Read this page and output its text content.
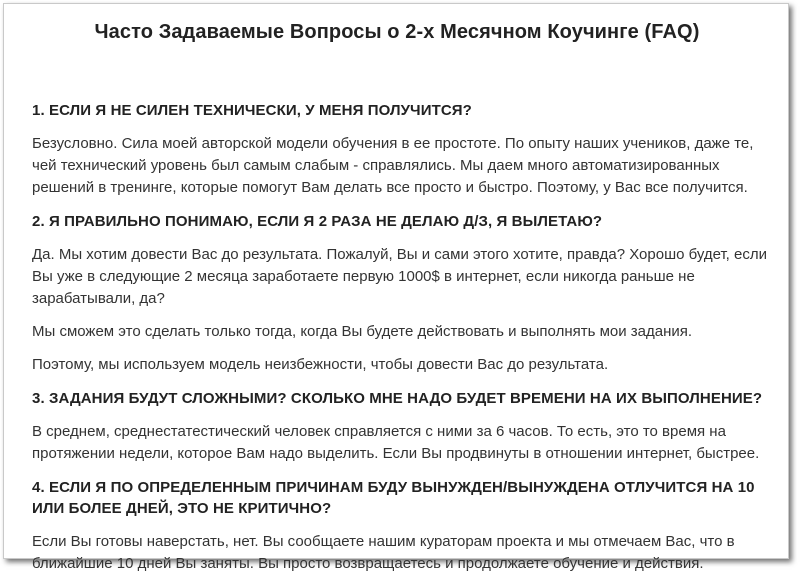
Часто Задаваемые Вопросы о 2-х Месячном Коучинге (FAQ)

1. ЕСЛИ Я НЕ СИЛЕН ТЕХНИЧЕСКИ, У МЕНЯ ПОЛУЧИТСЯ?

Безусловно. Сила моей авторской модели обучения в ее простоте. По опыту наших учеников, даже те, чей технический уровень был самым слабым - справлялись. Мы даем много автоматизированных решений в тренинге, которые помогут Вам делать все просто и быстро. Поэтому, у Вас все получится.

2. Я ПРАВИЛЬНО ПОНИМАЮ, ЕСЛИ Я 2 РАЗА НЕ ДЕЛАЮ Д/З, Я ВЫЛЕТАЮ?

Да. Мы хотим довести Вас до результата. Пожалуй, Вы и сами этого хотите, правда? Хорошо будет, если Вы уже в следующие 2 месяца заработаете первую 1000$ в интернет, если никогда раньше не зарабатывали, да?

Мы сможем это сделать только тогда, когда Вы будете действовать и выполнять мои задания.

Поэтому, мы используем модель неизбежности, чтобы довести Вас до результата.

3. ЗАДАНИЯ БУДУТ СЛОЖНЫМИ? СКОЛЬКО МНЕ НАДО БУДЕТ ВРЕМЕНИ НА ИХ ВЫПОЛНЕНИЕ?

В среднем, среднестатестический человек справляется с ними за 6 часов. То есть, это то время на протяжении недели, которое Вам надо выделить. Если Вы продвинуты в отношении интернет, быстрее.

4. ЕСЛИ Я ПО ОПРЕДЕЛЕННЫМ ПРИЧИНАМ БУДУ ВЫНУЖДЕН/ВЫНУЖДЕНА ОТЛУЧИТСЯ НА 10 ИЛИ БОЛЕЕ ДНЕЙ, ЭТО НЕ КРИТИЧНО?

Если Вы готовы наверстать, нет. Вы сообщаете нашим кураторам проекта и мы отмечаем Вас, что в ближайшие 10 дней Вы заняты. Вы просто возвращаетесь и продолжаете обучение и действия.
